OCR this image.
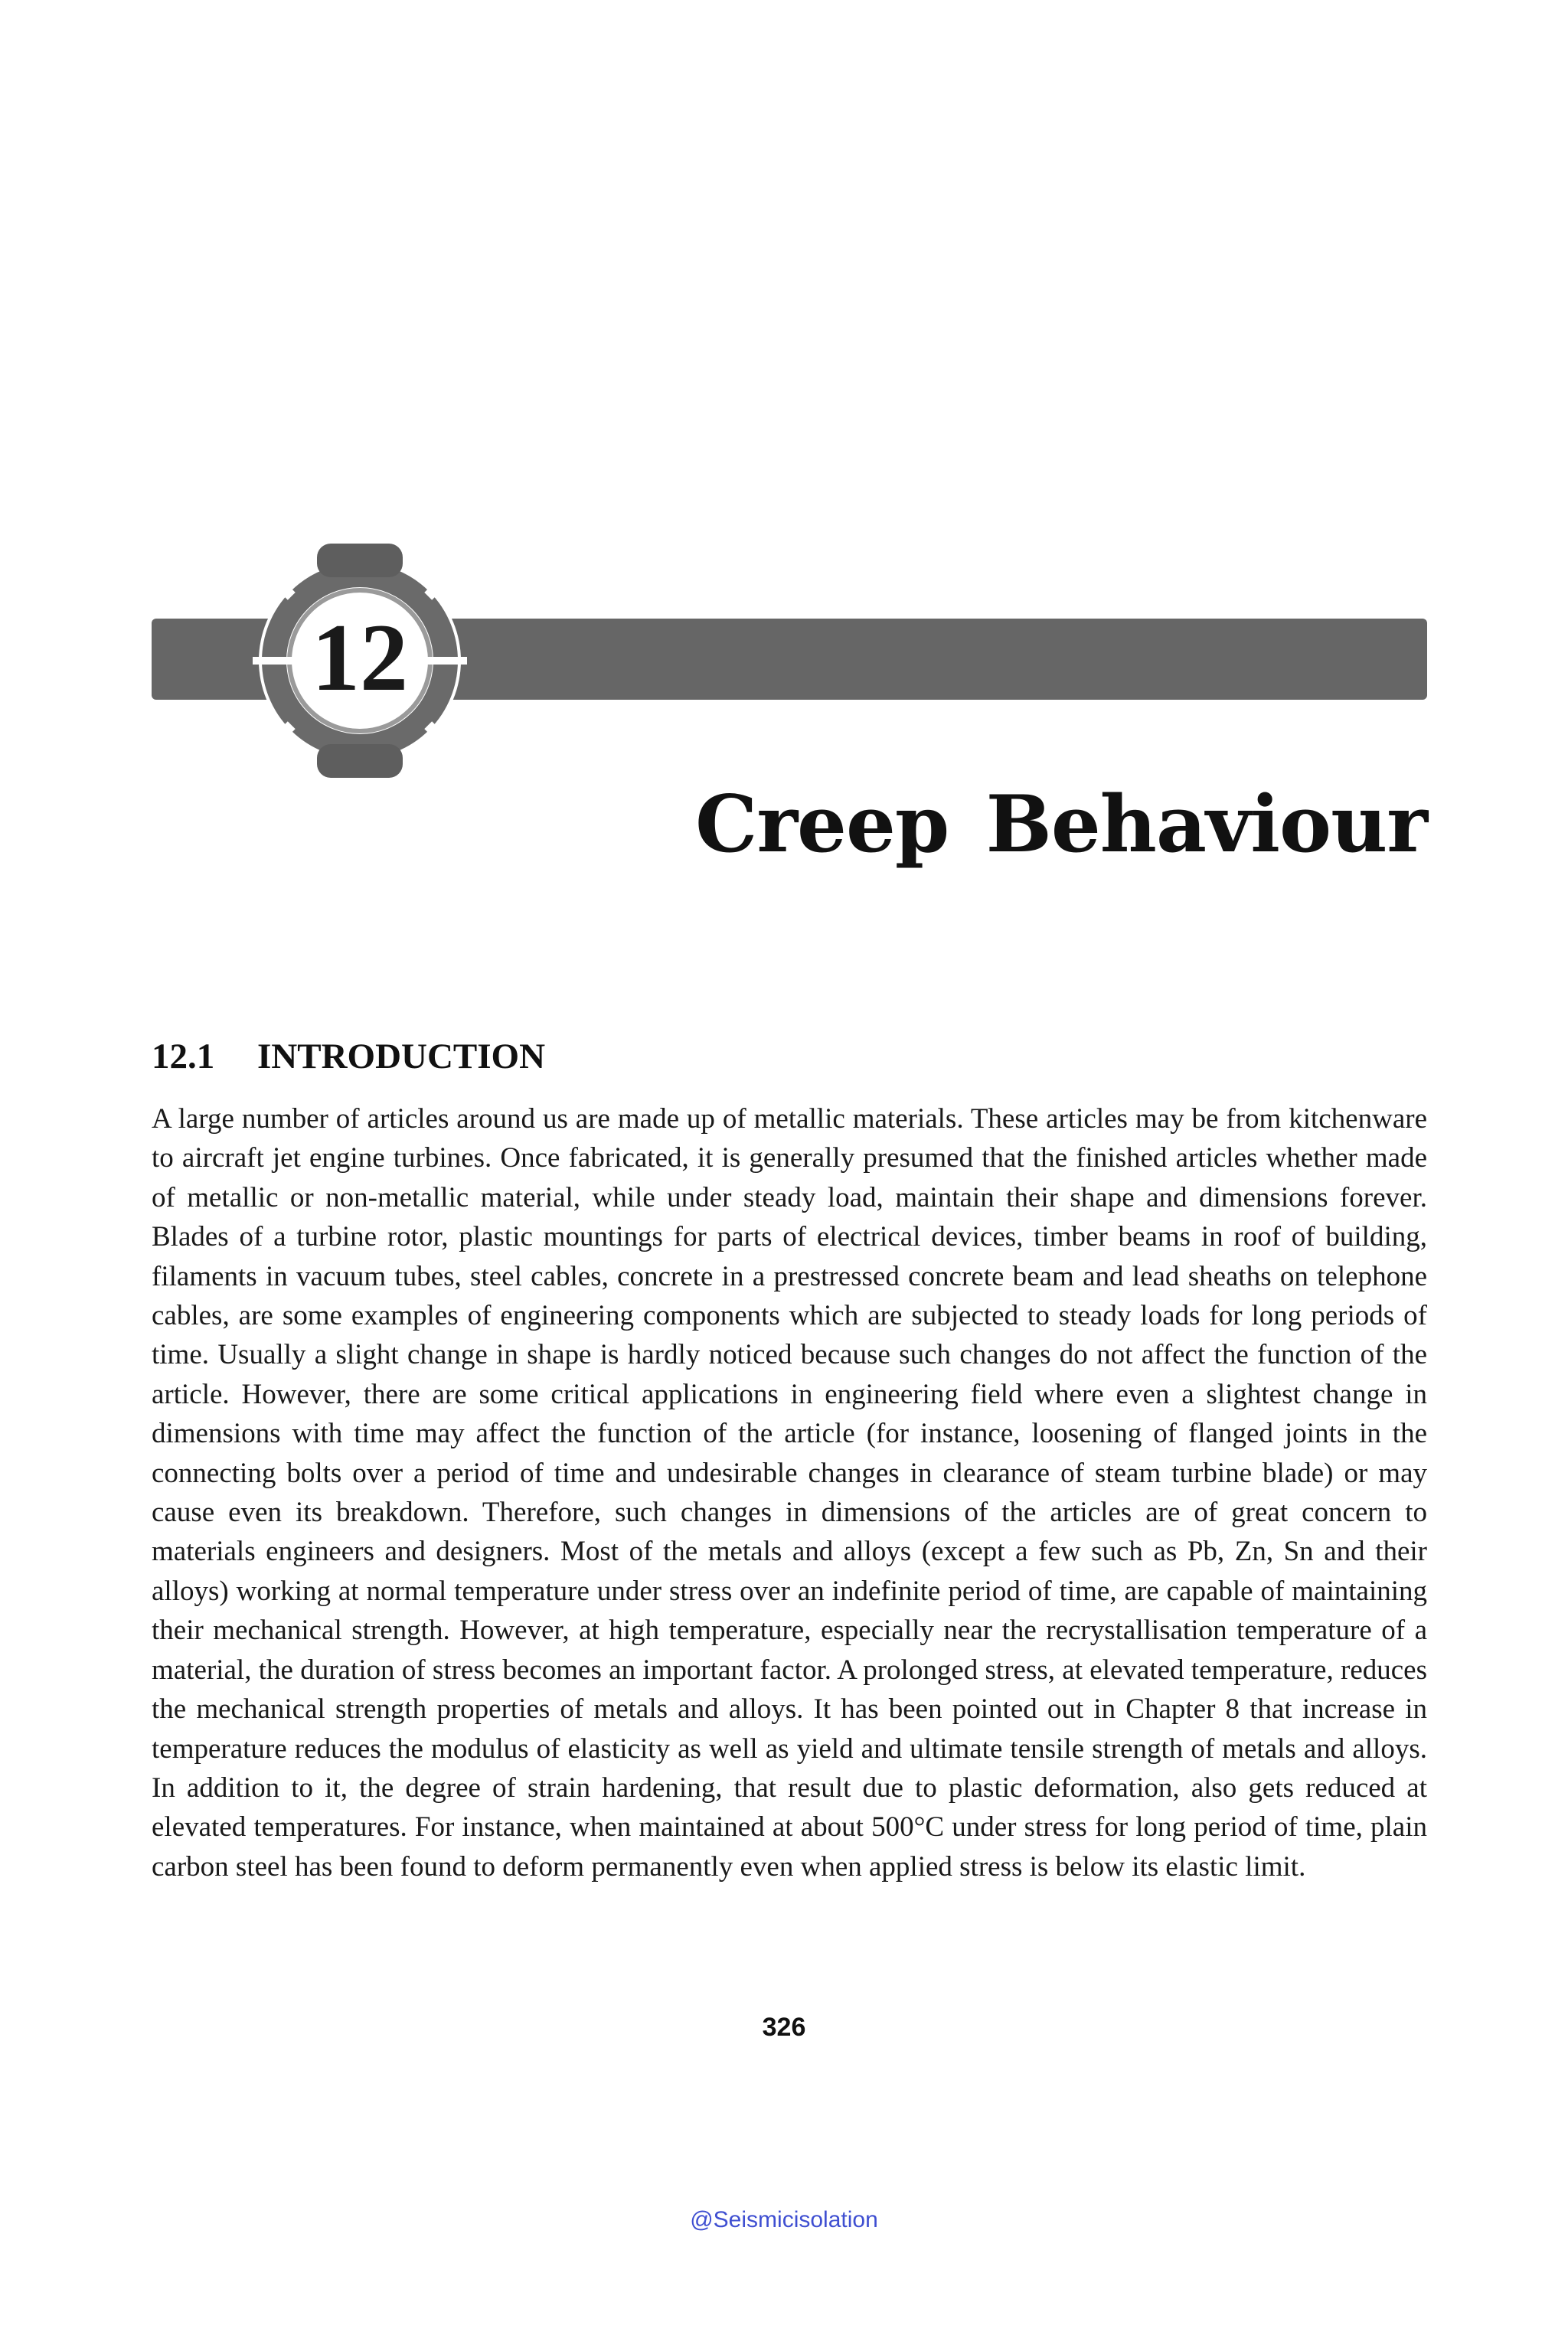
12
Creep Behaviour
12.1 INTRODUCTION

A large number of articles around us are made up of metallic materials. These articles may be from kitchenware to aircraft jet engine turbines. Once fabricated, it is generally presumed that the finished articles whether made of metallic or non-metallic material, while under steady load, maintain their shape and dimensions forever. Blades of a turbine rotor, plastic mountings for parts of electrical devices, timber beams in roof of building, filaments in vacuum tubes, steel cables, concrete in a prestressed concrete beam and lead sheaths on telephone cables, are some examples of engineering components which are subjected to steady loads for long periods of time. Usually a slight change in shape is hardly noticed because such changes do not affect the function of the article. However, there are some critical applications in engineering field where even a slightest change in dimensions with time may affect the function of the article (for instance, loosening of flanged joints in the connecting bolts over a period of time and undesirable changes in clearance of steam turbine blade) or may cause even its breakdown. Therefore, such changes in dimensions of the articles are of great concern to materials engineers and designers. Most of the metals and alloys (except a few such as Pb, Zn, Sn and their alloys) working at normal temperature under stress over an indefinite period of time, are capable of maintaining their mechanical strength. However, at high temperature, especially near the recrystallisation temperature of a material, the duration of stress becomes an important factor. A prolonged stress, at elevated temperature, reduces the mechanical strength properties of metals and alloys. It has been pointed out in Chapter 8 that increase in temperature reduces the modulus of elasticity as well as yield and ultimate tensile strength of metals and alloys. In addition to it, the degree of strain hardening, that result due to plastic deformation, also gets reduced at elevated temperatures. For instance, when maintained at about 500°C under stress for long period of time, plain carbon steel has been found to deform permanently even when applied stress is below its elastic limit.

326
@Seismicisolation
